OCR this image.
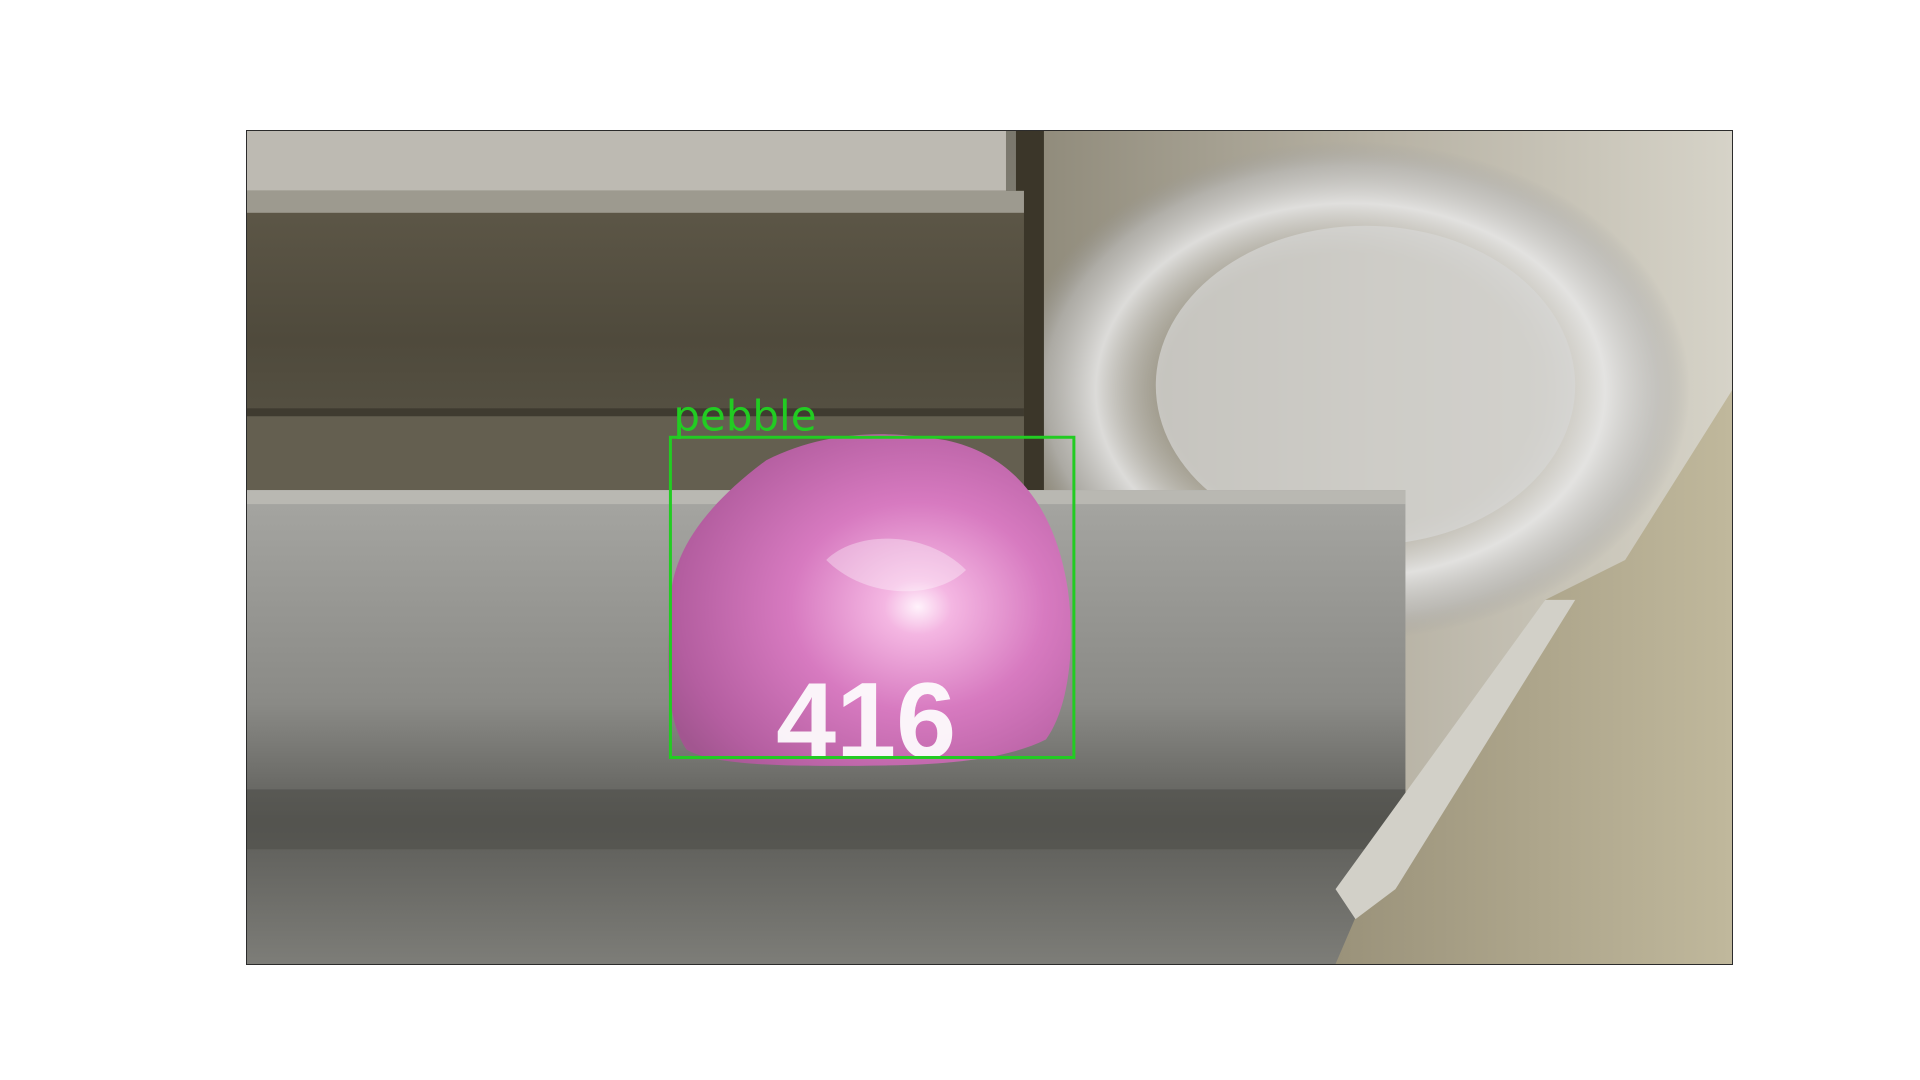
416
pebble
